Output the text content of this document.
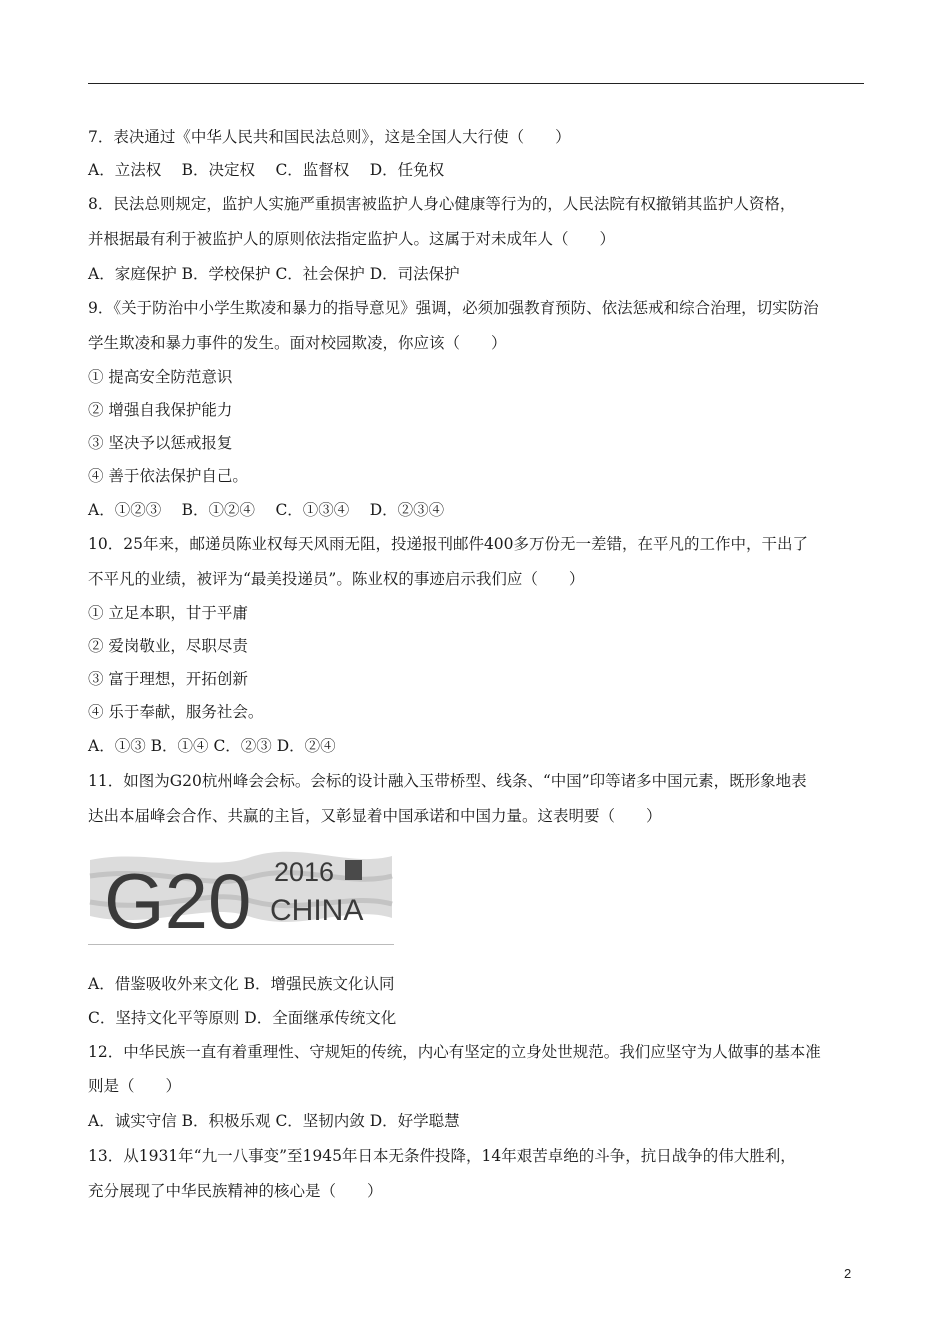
7．表决通过《中华人民共和国民法总则》，这是全国人大行使（　　）
A．立法权　 B．决定权　 C．监督权　 D．任免权
8．民法总则规定，监护人实施严重损害被监护人身心健康等行为的，人民法院有权撤销其监护人资格，
并根据最有利于被监护人的原则依法指定监护人。这属于对未成年人（　　）
A．家庭保护 B．学校保护 C．社会保护 D．司法保护
9．《关于防治中小学生欺凌和暴力的指导意见》强调，必须加强教育预防、依法惩戒和综合治理，切实防治
学生欺凌和暴力事件的发生。面对校园欺凌，你应该（　　）
① 提高安全防范意识
② 增强自我保护能力
③ 坚决予以惩戒报复
④ 善于依法保护自己。
A．①②③　 B．①②④　 C．①③④　 D．②③④
10．25年来，邮递员陈业权每天风雨无阻，投递报刊邮件400多万份无一差错，在平凡的工作中，干出了
不平凡的业绩，被评为“最美投递员”。陈业权的事迹启示我们应（　　）
① 立足本职，甘于平庸
② 爱岗敬业，尽职尽责
③ 富于理想，开拓创新
④ 乐于奉献，服务社会。
A．①③ B．①④ C．②③ D．②④
11．如图为G20杭州峰会会标。会标的设计融入玉带桥型、线条、“中国”印等诸多中国元素，既形象地表
达出本届峰会合作、共赢的主旨，又彰显着中国承诺和中国力量。这表明要（　　）
G20 2016
CHINA
A．借鉴吸收外来文化 B．增强民族文化认同
C．坚持文化平等原则 D．全面继承传统文化
12．中华民族一直有着重理性、守规矩的传统，内心有坚定的立身处世规范。我们应坚守为人做事的基本准
则是（　　）
A．诚实守信 B．积极乐观 C．坚韧内敛 D．好学聪慧
13．从1931年“九一八事变”至1945年日本无条件投降，14年艰苦卓绝的斗争，抗日战争的伟大胜利，
充分展现了中华民族精神的核心是（　　）
2
